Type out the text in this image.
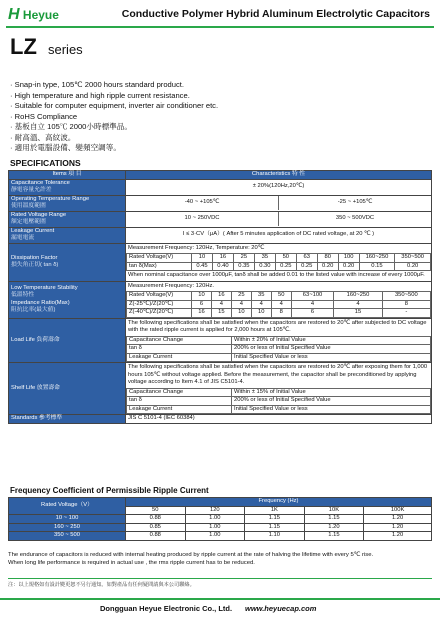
H Heyue	Conductive Polymer Hybrid Aluminum Electrolytic Capacitors
LZ series
· Snap-in type, 105℃ 2000 hours standard product.
· High temperature and high ripple current resistance.
· Suitable for computer equipment, inverter air conditioner etc.
· RoHS Compliance
· 基板自立 105℃ 2000小時標準品。
· 耐高溫、高紋波。
· 適用於電腦設備、變頻空調等。
SPECIFICATIONS
Items 項 目	Characteristics 特 性
Capacitance Tolerance
靜電容量允許差
	± 20%(120Hz,20℃)
Operating Temperature Range
使用溫度範圍

-40 ~ +105℃	-25 ~ +105℃

Rated Voltage Range
額定電壓範圍

10 ~ 250VDC	350 ~ 500VDC

Leakage Current
漏電電流
	I ≤ 3·CV（μA）( After 5 minutes application of DC rated voltage, at 20 ℃ )
Dissipation Factor
損失角正切( tan δ)

Measurement Frequency: 120Hz, Temperature: 20℃
Rated Voltage(V)	10	16	25	35	50	63	80	100	160~250	350~500
tan δ(Max)	0.45	0.40	0.35	0.30	0.25	0.25	0.20	0.20	0.15	0.20
When nominal capacitance over 1000μF, tanδ shall be added 0.01 to the listed value with increase of every 1000μF.

Low Temperature Stability
低溫特性
Impedance Ratio(Max)
阻抗比率(最大値)

Measurement Frequency: 120Hz.
Rated Voltage(V)	10	16	25	35	50	63~100	160~250	350~500
Z(-25℃)/Z(20℃)	6	4	4	4	4	4	4	8
Z(-40℃)/Z(20℃)	16	15	10	10	8	6	15	-

Load Life 負荷壽命	
The following specifications shall be satisfied when the capacitors are restored to 20℃ after subjected to DC voltage with the rated ripple current is applied for 2,000 hours at 105℃.
Capacitance Change	Within ± 20% of Initial Value
tan δ	200% or less of Initial Specified Value
Leakage Current	Initial Specified Value or less

Shelf Life 放置壽命	
The following specifications shall be satisfied when the capacitors are restored to 20℃ after exposing them for 1,000 hours 105℃ without voltage applied. Before the measurement, the capacitor shall be preconditioned by applying voltage according to Item 4.1 of JIS C5101-4.
Capacitance Change	Within ± 15% of Initial Value
tan δ	200% or less of Initial Specified Value
Leakage Current	Initial Specified Value or less

Standards 參考標準	JIS C 5101-4 (IEC 60384)
Frequency Coefficient of Permissible Ripple Current
Rated Voltage（V）	Frequency (Hz)				
	50	120	1K	10K	100K
10 ~ 100	0.88	1.00	1.15	1.15	1.20
160 ~ 250	0.85	1.00	1.15	1.20	1.20
350 ~ 500	0.88	1.00	1.10	1.15	1.20
The endurance of capacitors is reduced with internal heating produced by ripple current at the rate of halving the lifetime with every 5℃ rise.
When long life performance is required in actual use , the rms ripple current has to be reduced.
注：以上規格如有設計變更恕不另行通知。如對產品有任何疑問請與本公司聯絡。
Dongguan Heyue Electronic Co., Ltd. www.heyuecap.com
